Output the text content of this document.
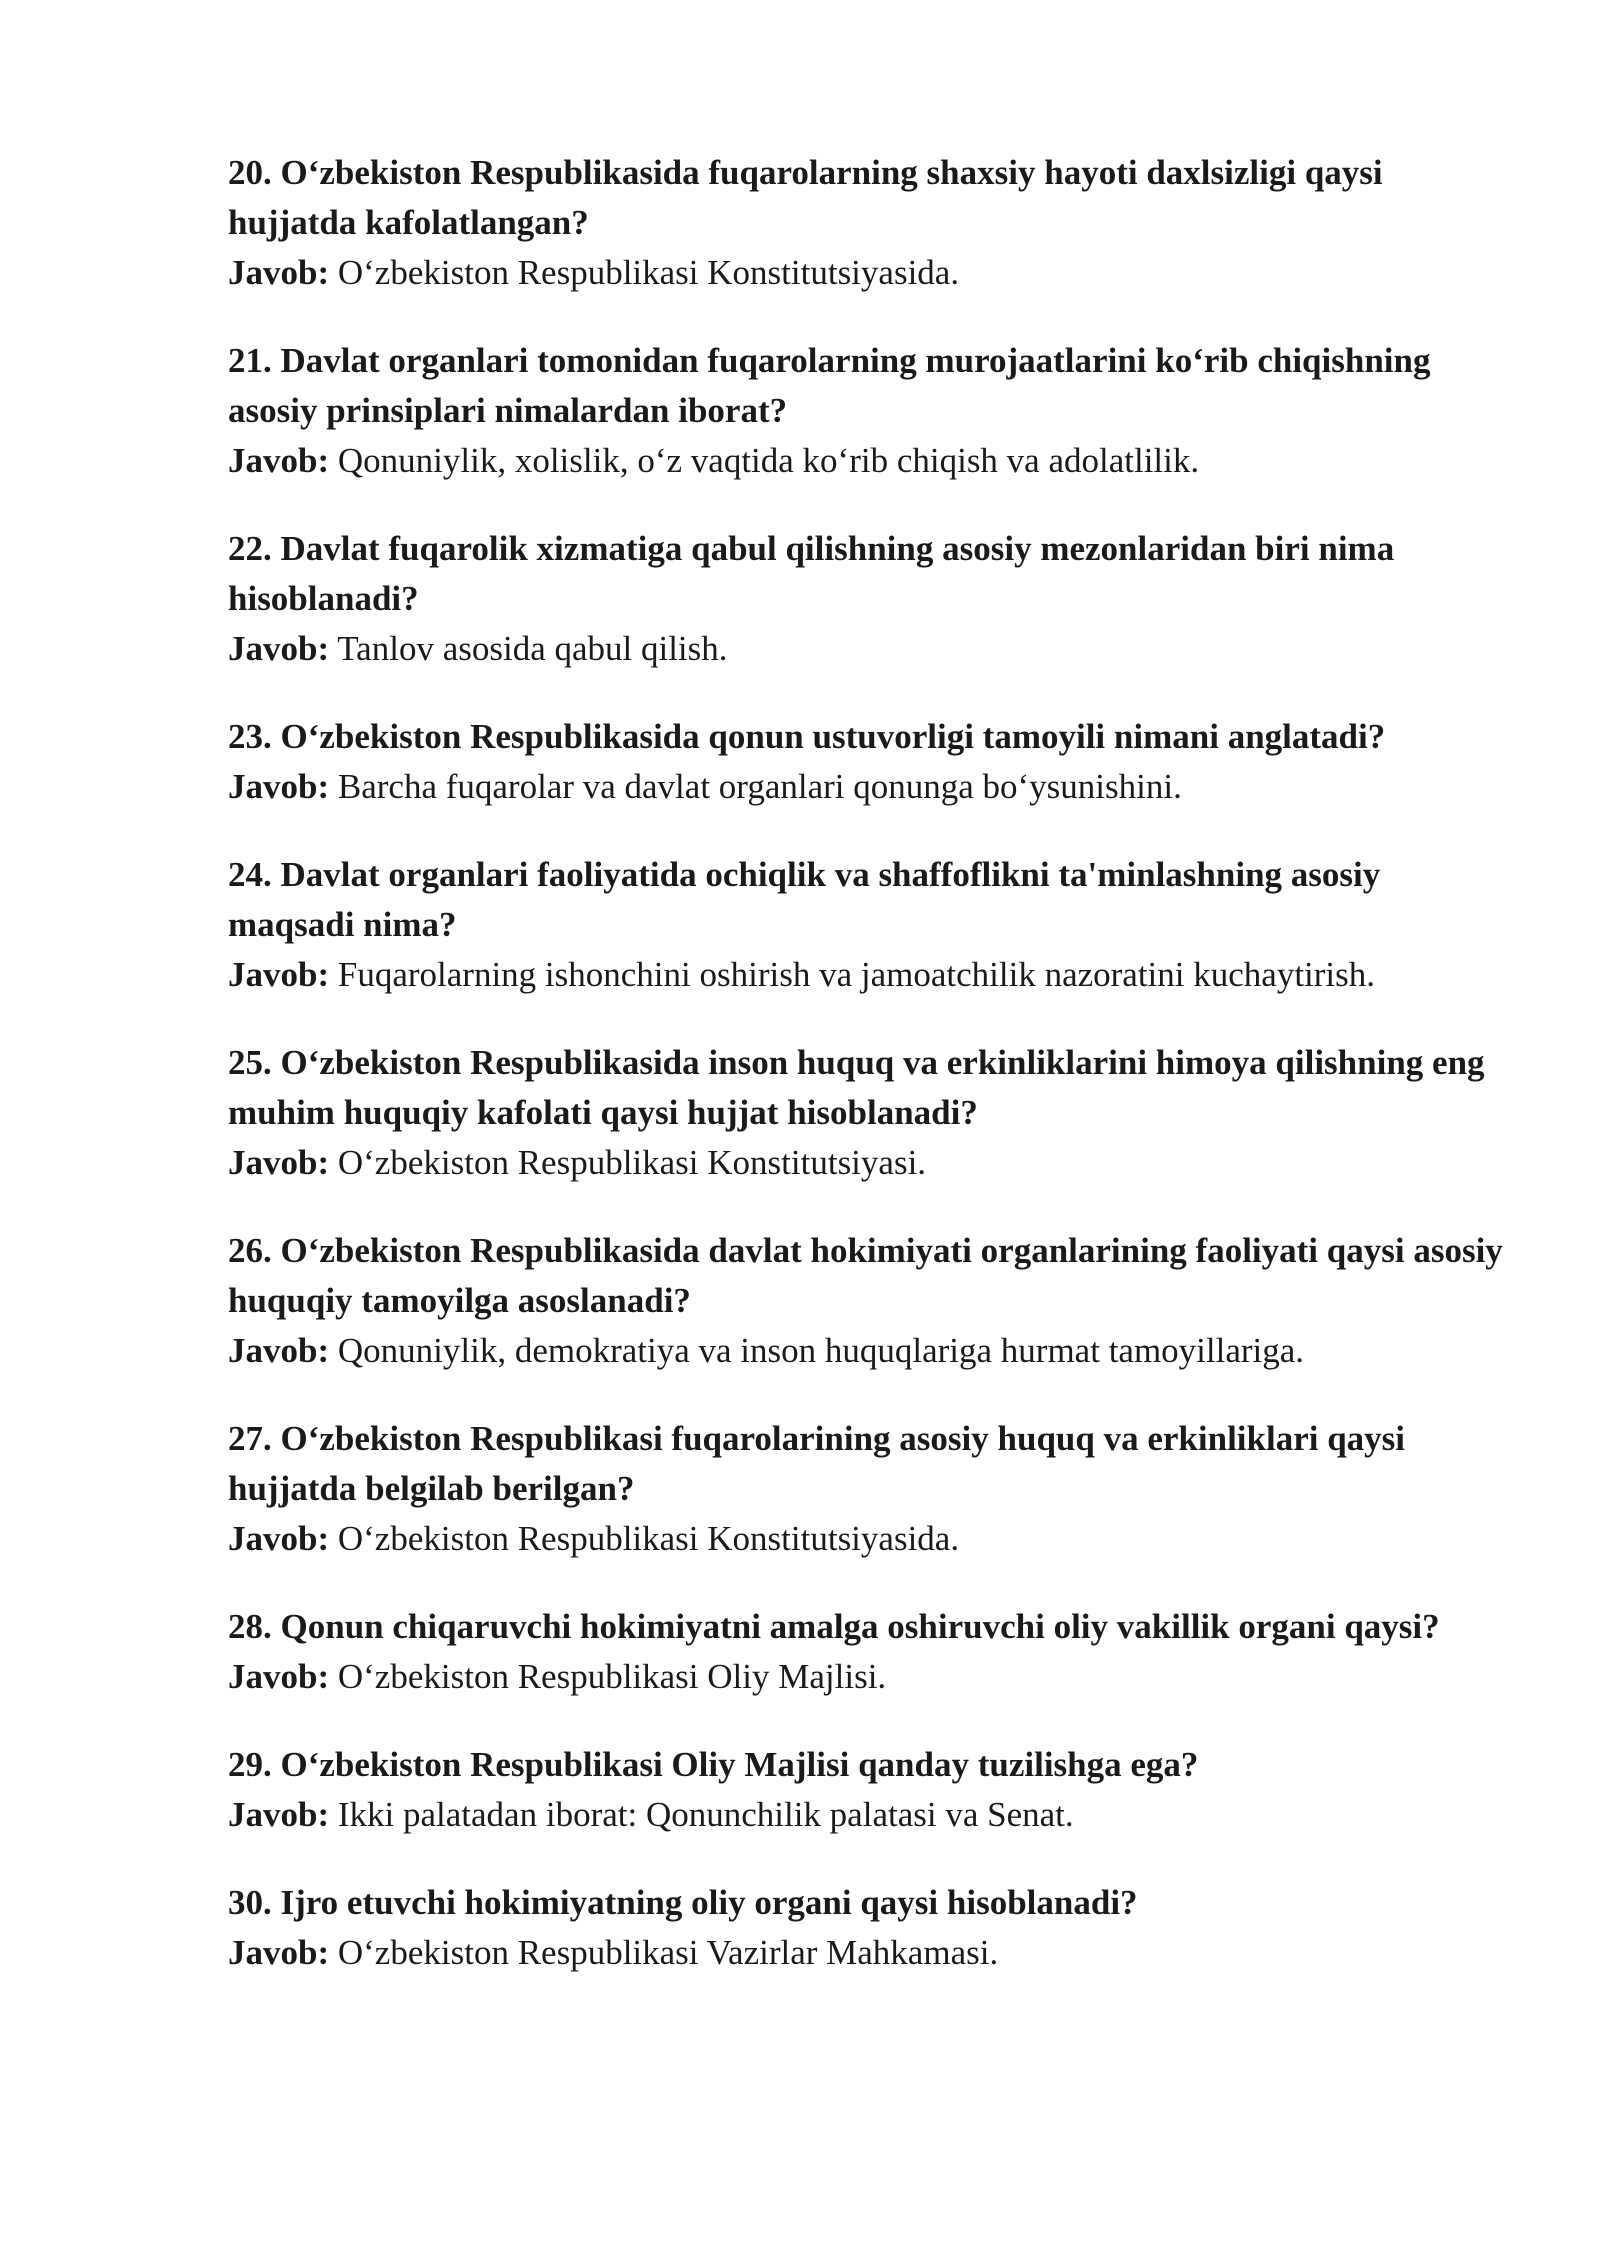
20. O‘zbekiston Respublikasida fuqarolarning shaxsiy hayoti daxlsizligi qaysi hujjatda kafolatlangan?

Javob: O‘zbekiston Respublikasi Konstitutsiyasida.

21. Davlat organlari tomonidan fuqarolarning murojaatlarini ko‘rib chiqishning asosiy prinsiplari nimalardan iborat?

Javob: Qonuniylik, xolislik, o‘z vaqtida ko‘rib chiqish va adolatlilik.

22. Davlat fuqarolik xizmatiga qabul qilishning asosiy mezonlaridan biri nima hisoblanadi?

Javob: Tanlov asosida qabul qilish.

23. O‘zbekiston Respublikasida qonun ustuvorligi tamoyili nimani anglatadi?

Javob: Barcha fuqarolar va davlat organlari qonunga bo‘ysunishini.

24. Davlat organlari faoliyatida ochiqlik va shaffoflikni ta'minlashning asosiy maqsadi nima?

Javob: Fuqarolarning ishonchini oshirish va jamoatchilik nazoratini kuchaytirish.

25. O‘zbekiston Respublikasida inson huquq va erkinliklarini himoya qilishning eng muhim huquqiy kafolati qaysi hujjat hisoblanadi?

Javob: O‘zbekiston Respublikasi Konstitutsiyasi.

26. O‘zbekiston Respublikasida davlat hokimiyati organlarining faoliyati qaysi asosiy huquqiy tamoyilga asoslanadi?

Javob: Qonuniylik, demokratiya va inson huquqlariga hurmat tamoyillariga.

27. O‘zbekiston Respublikasi fuqarolarining asosiy huquq va erkinliklari qaysi hujjatda belgilab berilgan?

Javob: O‘zbekiston Respublikasi Konstitutsiyasida.

28. Qonun chiqaruvchi hokimiyatni amalga oshiruvchi oliy vakillik organi qaysi?

Javob: O‘zbekiston Respublikasi Oliy Majlisi.

29. O‘zbekiston Respublikasi Oliy Majlisi qanday tuzilishga ega?

Javob: Ikki palatadan iborat: Qonunchilik palatasi va Senat.

30. Ijro etuvchi hokimiyatning oliy organi qaysi hisoblanadi?

Javob: O‘zbekiston Respublikasi Vazirlar Mahkamasi.
